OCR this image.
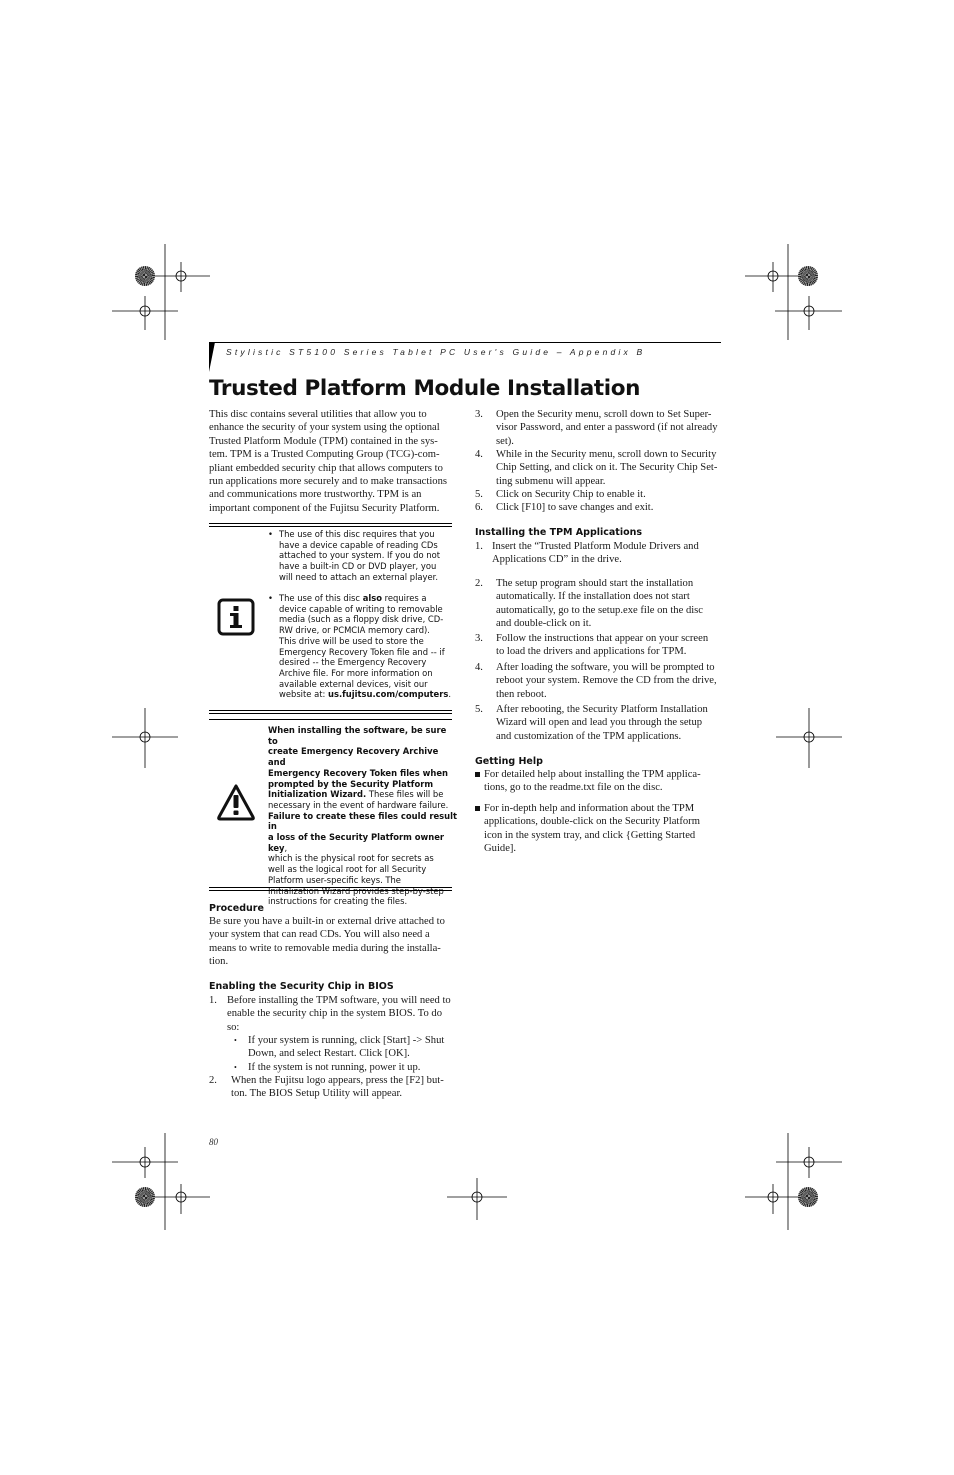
Stylistic ST5100 Series Tablet PC User's Guide – Appendix B
Trusted Platform Module Installation
This disc contains several utilities that allow you to
enhance the security of your system using the optional
Trusted Platform Module (TPM) contained in the sys-
tem. TPM is a Trusted Computing Group (TCG)-com-
pliant embedded security chip that allows computers to
run applications more securely and to make transactions
and communications more trustworthy. TPM is an
important component of the Fujitsu Security Platform.
• The use of this disc requires that you
have a device capable of reading CDs
attached to your system. If you do not
have a built-in CD or DVD player, you
will need to attach an external player.
• The use of this disc also requires a
device capable of writing to removable
media (such as a floppy disk drive, CD-
RW drive, or PCMCIA memory card).
This drive will be used to store the
Emergency Recovery Token file and -- if
desired -- the Emergency Recovery
Archive file. For more information on
available external devices, visit our
website at: us.fujitsu.com/computers.
When installing the software, be sure to
create Emergency Recovery Archive and
Emergency Recovery Token files when
prompted by the Security Platform
Initialization Wizard. These files will be
necessary in the event of hardware failure.
Failure to create these files could result in
a loss of the Security Platform owner key,
which is the physical root for secrets as
well as the logical root for all Security
Platform user-specific keys. The
instructions for creating the files.
Procedure
Be sure you have a built-in or external drive attached to
your system that can read CDs. You will also need a
means to write to removable media during the installa-
tion.
Enabling the Security Chip in BIOS
1. Before installing the TPM software, you will need to
enable the security chip in the system BIOS. To do
so:
• If your system is running, click [Start] -> Shut
Down, and select Restart. Click [OK].
•	If the system is not running, power it up.
2. When the Fujitsu logo appears, press the [F2] but-
ton. The BIOS Setup Utility will appear.
3. Open the Security menu, scroll down to Set Super-
visor Password, and enter a password (if not already
set).
4. While in the Security menu, scroll down to Security
Chip Setting, and click on it. The Security Chip Set-
ting submenu will appear.
5.	Click on Security Chip to enable it.
6.	Click [F10] to save changes and exit.
Installing the TPM Applications
1. Insert the “Trusted Platform Module Drivers and
Applications CD” in the drive.
2. The setup program should start the installation
automatically. If the installation does not start
automatically, go to the setup.exe file on the disc
and double-click on it.
3. Follow the instructions that appear on your screen
to load the drivers and applications for TPM.
4. After loading the software, you will be prompted to
reboot your system. Remove the CD from the drive,
then reboot.
5. After rebooting, the Security Platform Installation
Wizard will open and lead you through the setup
and customization of the TPM applications.
Getting Help
For detailed help about installing the TPM applica-
tions, go to the readme.txt file on the disc.
For in-depth help and information about the TPM
applications, double-click on the Security Platform
icon in the system tray, and click {Getting Started
Guide].
80
